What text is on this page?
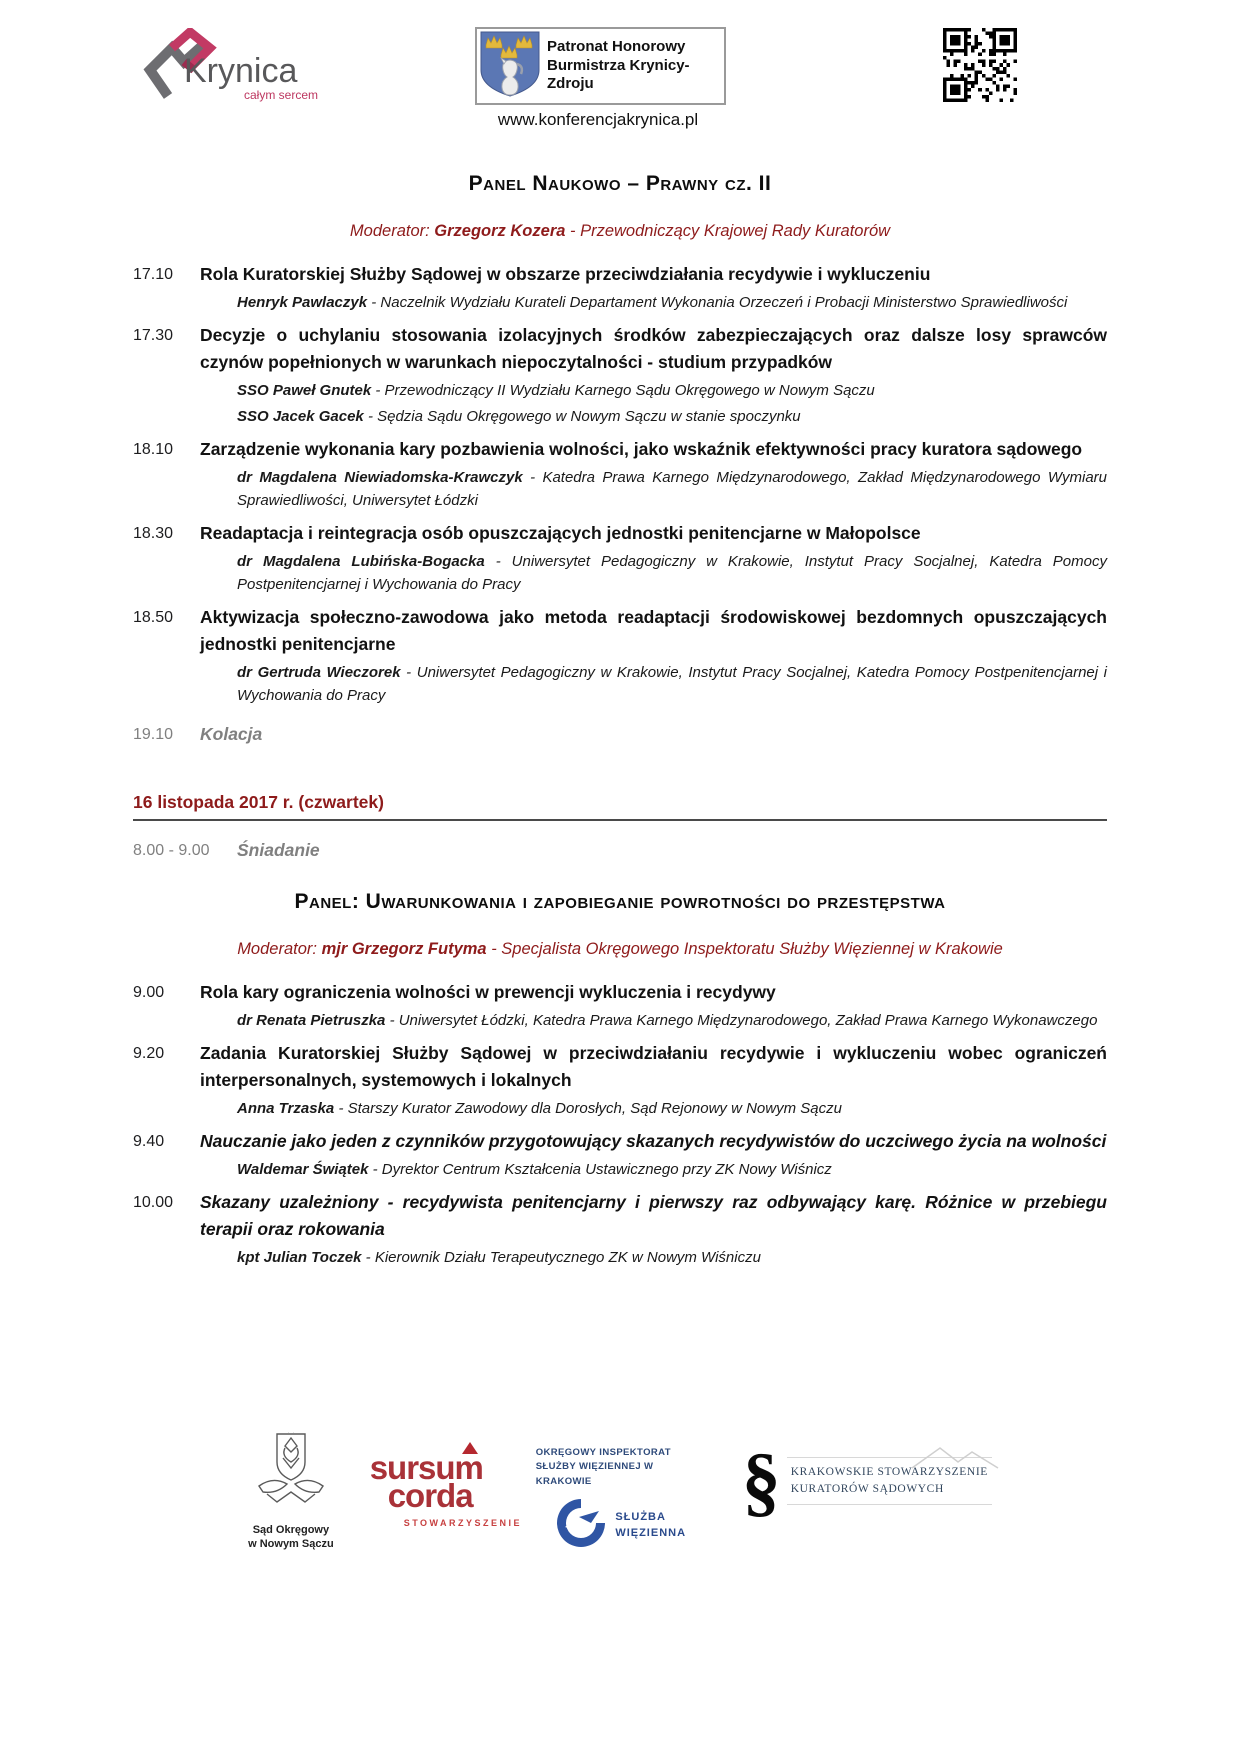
Krynica
całym sercem
Patronat Honorowy
Burmistrza Krynicy-Zdroju
www.konferencjakrynica.pl
Panel Naukowo – Prawny cz. II
Moderator: Grzegorz Kozera - Przewodniczący Krajowej Rady Kuratorów
17.10	Rola Kuratorskiej Służby Sądowej w obszarze przeciwdziałania recydywie i wykluczeniu
Henryk Pawlaczyk - Naczelnik Wydziału Kurateli Departament Wykonania Orzeczeń i Probacji Ministerstwo Sprawiedliwości
17.30	Decyzje o uchylaniu stosowania izolacyjnych środków zabezpieczających oraz dalsze losy sprawców czynów popełnionych w warunkach niepoczytalności - studium przypadków
SSO Paweł Gnutek - Przewodniczący II Wydziału Karnego Sądu Okręgowego w Nowym Sączu
SSO Jacek Gacek - Sędzia Sądu Okręgowego w Nowym Sączu w stanie spoczynku
18.10	Zarządzenie wykonania kary pozbawienia wolności, jako wskaźnik efektywności pracy kuratora sądowego
dr Magdalena Niewiadomska-Krawczyk - Katedra Prawa Karnego Międzynarodowego, Zakład Międzynarodowego Wymiaru Sprawiedliwości, Uniwersytet Łódzki
18.30	Readaptacja i reintegracja osób opuszczających jednostki penitencjarne w Małopolsce
dr Magdalena Lubińska-Bogacka - Uniwersytet Pedagogiczny w Krakowie, Instytut Pracy Socjalnej, Katedra Pomocy Postpenitencjarnej i Wychowania do Pracy
18.50	Aktywizacja społeczno-zawodowa jako metoda readaptacji środowiskowej bezdomnych opuszczających jednostki penitencjarne
dr Gertruda Wieczorek - Uniwersytet Pedagogiczny w Krakowie, Instytut Pracy Socjalnej, Katedra Pomocy Postpenitencjarnej i Wychowania do Pracy
19.10	Kolacja
16 listopada 2017 r. (czwartek)
8.00 - 9.00	Śniadanie
Panel: Uwarunkowania i zapobieganie powrotności do przestępstwa
Moderator: mjr Grzegorz Futyma - Specjalista Okręgowego Inspektoratu Służby Więziennej w Krakowie
9.00	Rola kary ograniczenia wolności w prewencji wykluczenia i recydywy
dr Renata Pietruszka - Uniwersytet Łódzki, Katedra Prawa Karnego Międzynarodowego, Zakład Prawa Karnego Wykonawczego
9.20	Zadania Kuratorskiej Służby Sądowej w przeciwdziałaniu recydywie i wykluczeniu wobec ograniczeń interpersonalnych, systemowych i lokalnych
Anna Trzaska - Starszy Kurator Zawodowy dla Dorosłych, Sąd Rejonowy w Nowym Sączu
9.40	Nauczanie jako jeden z czynników przygotowujący skazanych recydywistów do uczciwego życia na wolności
Waldemar Świątek - Dyrektor Centrum Kształcenia Ustawicznego przy ZK Nowy Wiśnicz
10.00	Skazany uzależniony - recydywista penitencjarny i pierwszy raz odbywający karę. Różnice w przebiegu terapii oraz rokowania
kpt Julian Toczek - Kierownik Działu Terapeutycznego ZK w Nowym Wiśniczu
Sąd Okręgowy
w Nowym Sączu
sursum
corda
STOWARZYSZENIE
OKRĘGOWY INSPEKTORAT
SŁUŻBY WIĘZIENNEJ W KRAKOWIE
SŁUŻBA
WIĘZIENNA
§ KRAKOWSKIE STOWARZYSZENIE
KURATORÓW SĄDOWYCH
